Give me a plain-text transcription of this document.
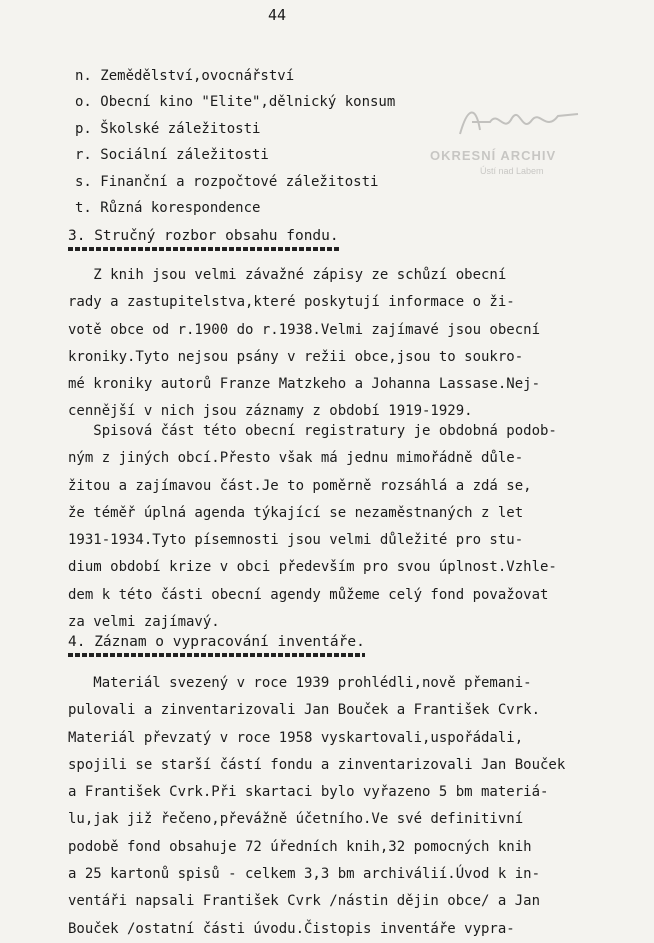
44
OKRESNÍ ARCHIV
Ústí nad Labem
n. Zemědělství,ovocnářství
o. Obecní kino "Elite",dělnický konsum
p. Školské záležitosti
r. Sociální záležitosti
s. Finanční a rozpočtové záležitosti
t. Různá korespondence
3. Stručný rozbor obsahu fondu.
Z knih jsou velmi závažné zápisy ze schůzí obecní
rady a zastupitelstva,které poskytují informace o ži-
votě obce od r.1900 do r.1938.Velmi zajímavé jsou obecní
kroniky.Tyto nejsou psány v režii obce,jsou to soukro-
mé kroniky autorů Franze Matzkeho a Johanna Lassase.Nej-
cennější v nich jsou záznamy z období 1919-1929.
Spisová část této obecní registratury je obdobná podob-
ným z jiných obcí.Přesto však má jednu mimořádně důle-
žitou a zajímavou část.Je to poměrně rozsáhlá a zdá se,
že téměř úplná agenda týkající se nezaměstnaných z let
1931-1934.Tyto písemnosti jsou velmi důležité pro stu-
dium období krize v obci především pro svou úplnost.Vzhle-
dem k této části obecní agendy můžeme celý fond považovat
za velmi zajímavý.
4. Záznam o vypracování inventáře.
Materiál svezený v roce 1939 prohlédli,nově přemani-
pulovali a zinventarizovali Jan Bouček a František Cvrk.
Materiál převzatý v roce 1958 vyskartovali,uspořádali,
spojili se starší částí fondu a zinventarizovali Jan Bouček
a František Cvrk.Při skartaci bylo vyřazeno 5 bm materiá-
lu,jak již řečeno,převážně účetního.Ve své definitivní
podobě fond obsahuje 72 úředních knih,32 pomocných knih
a 25 kartonů spisů - celkem 3,3 bm archiválií.Úvod k in-
ventáři napsali František Cvrk /nástin dějin obce/ a Jan
Bouček /ostatní části úvodu.Čistopis inventáře vypra-
